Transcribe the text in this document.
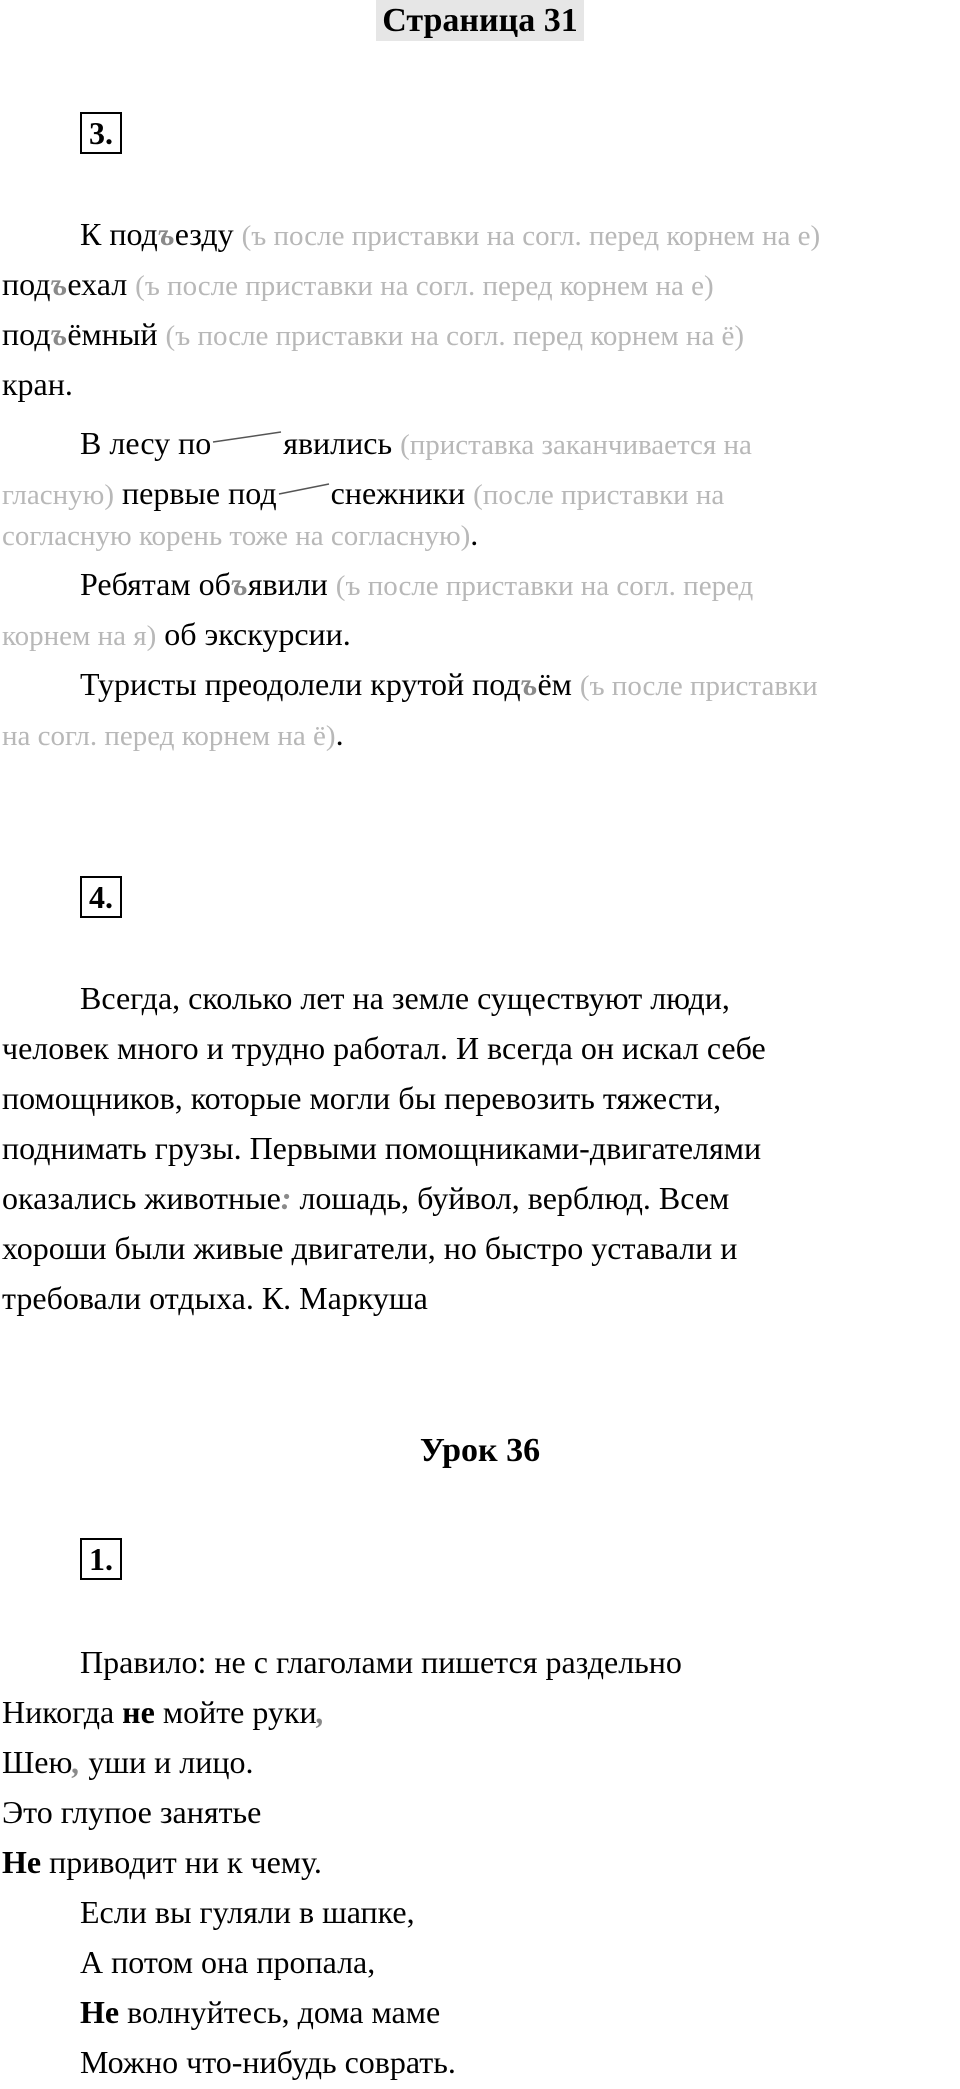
Страница 31
3.
К подъезду (ъ после приставки на согл. перед корнем на е)
подъехал (ъ после приставки на согл. перед корнем на е)
подъёмный (ъ после приставки на согл. перед корнем на ё)
кран.
В лесу по явились (приставка заканчивается на
гласную) первые под снежники (после приставки на
согласную корень тоже на согласную).
Ребятам объявили (ъ после приставки на согл. перед
корнем на я) об экскурсии.
Туристы преодолели крутой подъём (ъ после приставки
на согл. перед корнем на ё).
4.
Всегда, сколько лет на земле существуют люди,
человек много и трудно работал. И всегда он искал себе
помощников, которые могли бы перевозить тяжести,
поднимать грузы. Первыми помощниками-двигателями
оказались животные: лошадь, буйвол, верблюд. Всем
хороши были живые двигатели, но быстро уставали и
требовали отдыха. К. Маркуша
Урок 36
1.
Правило: не с глаголами пишется раздельно
Никогда не мойте руки,
Шею, уши и лицо.
Это глупое занятье
Не приводит ни к чему.
Если вы гуляли в шапке,
А потом она пропала,
Не волнуйтесь, дома маме
Можно что-нибудь соврать.
